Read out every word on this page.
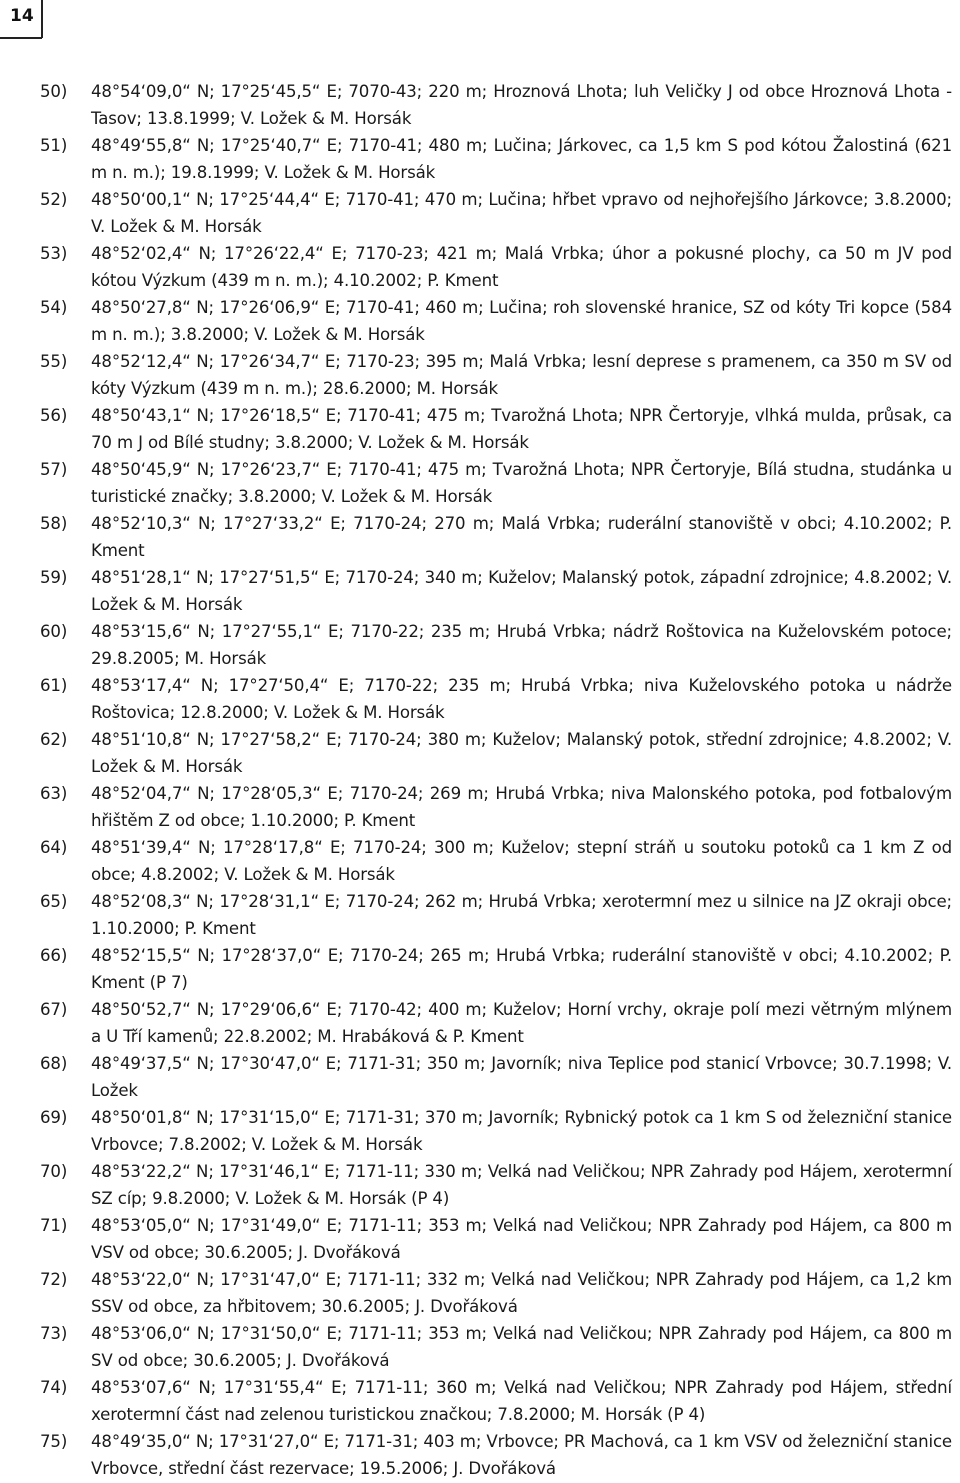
14
50) 48°54‘09,0“ N; 17°25‘45,5“ E; 7070-43; 220 m; Hroznová Lhota; luh Veličky J od obce Hroznová Lhota - Tasov; 13.8.1999; V. Ložek & M. Horsák
51) 48°49‘55,8“ N; 17°25‘40,7“ E; 7170-41; 480 m; Lučina; Járkovec, ca 1,5 km S pod kótou Žalostiná (621 m n. m.); 19.8.1999; V. Ložek & M. Horsák
52) 48°50‘00,1“ N; 17°25‘44,4“ E; 7170-41; 470 m; Lučina; hřbet vpravo od nejhořejšího Járkovce; 3.8.2000; V. Ložek & M. Horsák
53) 48°52‘02,4“ N; 17°26‘22,4“ E; 7170-23; 421 m; Malá Vrbka; úhor a pokusné plochy, ca 50 m JV pod kótou Výzkum (439 m n. m.); 4.10.2002; P. Kment
54) 48°50‘27,8“ N; 17°26‘06,9“ E; 7170-41; 460 m; Lučina; roh slovenské hranice, SZ od kóty Tri kopce (584 m n. m.); 3.8.2000; V. Ložek & M. Horsák
55) 48°52‘12,4“ N; 17°26‘34,7“ E; 7170-23; 395 m; Malá Vrbka; lesní deprese s pramenem, ca 350 m SV od kóty Výzkum (439 m n. m.); 28.6.2000; M. Horsák
56) 48°50‘43,1“ N; 17°26‘18,5“ E; 7170-41; 475 m; Tvarožná Lhota; NPR Čertoryje, vlhká mulda, průsak, ca 70 m J od Bílé studny; 3.8.2000; V. Ložek & M. Horsák
57) 48°50‘45,9“ N; 17°26‘23,7“ E; 7170-41; 475 m; Tvarožná Lhota; NPR Čertoryje, Bílá studna, studánka u turistické značky; 3.8.2000; V. Ložek & M. Horsák
58) 48°52‘10,3“ N; 17°27‘33,2“ E; 7170-24; 270 m; Malá Vrbka; ruderální stanoviště v obci; 4.10.2002; P. Kment
59) 48°51‘28,1“ N; 17°27‘51,5“ E; 7170-24; 340 m; Kuželov; Malanský potok, západní zdrojnice; 4.8.2002; V. Ložek & M. Horsák
60) 48°53‘15,6“ N; 17°27‘55,1“ E; 7170-22; 235 m; Hrubá Vrbka; nádrž Roštovica na Kuželovském potoce; 29.8.2005; M. Horsák
61) 48°53‘17,4“ N; 17°27‘50,4“ E; 7170-22; 235 m; Hrubá Vrbka; niva Kuželovského potoka u nádrže Roštovica; 12.8.2000; V. Ložek & M. Horsák
62) 48°51‘10,8“ N; 17°27‘58,2“ E; 7170-24; 380 m; Kuželov; Malanský potok, střední zdrojnice; 4.8.2002; V. Ložek & M. Horsák
63) 48°52‘04,7“ N; 17°28‘05,3“ E; 7170-24; 269 m; Hrubá Vrbka; niva Malonského potoka, pod fotbalovým hřištěm Z od obce; 1.10.2000; P. Kment
64) 48°51‘39,4“ N; 17°28‘17,8“ E; 7170-24; 300 m; Kuželov; stepní stráň u soutoku potoků ca 1 km Z od obce; 4.8.2002; V. Ložek & M. Horsák
65) 48°52‘08,3“ N; 17°28‘31,1“ E; 7170-24; 262 m; Hrubá Vrbka; xerotermní mez u silnice na JZ okraji obce; 1.10.2000; P. Kment
66) 48°52‘15,5“ N; 17°28‘37,0“ E; 7170-24; 265 m; Hrubá Vrbka; ruderální stanoviště v obci; 4.10.2002; P. Kment (P 7)
67) 48°50‘52,7“ N; 17°29‘06,6“ E; 7170-42; 400 m; Kuželov; Horní vrchy, okraje polí mezi větrným mlýnem a U Tří kamenů; 22.8.2002; M. Hrabáková & P. Kment
68) 48°49‘37,5“ N; 17°30‘47,0“ E; 7171-31; 350 m; Javorník; niva Teplice pod stanicí Vrbovce; 30.7.1998; V. Ložek
69) 48°50‘01,8“ N; 17°31‘15,0“ E; 7171-31; 370 m; Javorník; Rybnický potok ca 1 km S od železniční stanice Vrbovce; 7.8.2002; V. Ložek & M. Horsák
70) 48°53‘22,2“ N; 17°31‘46,1“ E; 7171-11; 330 m; Velká nad Veličkou; NPR Zahrady pod Hájem, xerotermní SZ cíp; 9.8.2000; V. Ložek & M. Horsák (P 4)
71) 48°53‘05,0“ N; 17°31‘49,0“ E; 7171-11; 353 m; Velká nad Veličkou; NPR Zahrady pod Hájem, ca 800 m VSV od obce; 30.6.2005; J. Dvořáková
72) 48°53‘22,0“ N; 17°31‘47,0“ E; 7171-11; 332 m; Velká nad Veličkou; NPR Zahrady pod Hájem, ca 1,2 km SSV od obce, za hřbitovem; 30.6.2005; J. Dvořáková
73) 48°53‘06,0“ N; 17°31‘50,0“ E; 7171-11; 353 m; Velká nad Veličkou; NPR Zahrady pod Hájem, ca 800 m SV od obce; 30.6.2005; J. Dvořáková
74) 48°53‘07,6“ N; 17°31‘55,4“ E; 7171-11; 360 m; Velká nad Veličkou; NPR Zahrady pod Hájem, střední xerotermní část nad zelenou turistickou značkou; 7.8.2000; M. Horsák (P 4)
75) 48°49‘35,0“ N; 17°31‘27,0“ E; 7171-31; 403 m; Vrbovce; PR Machová, ca 1 km VSV od železniční stanice Vrbovce, střední část rezervace; 19.5.2006; J. Dvořáková
